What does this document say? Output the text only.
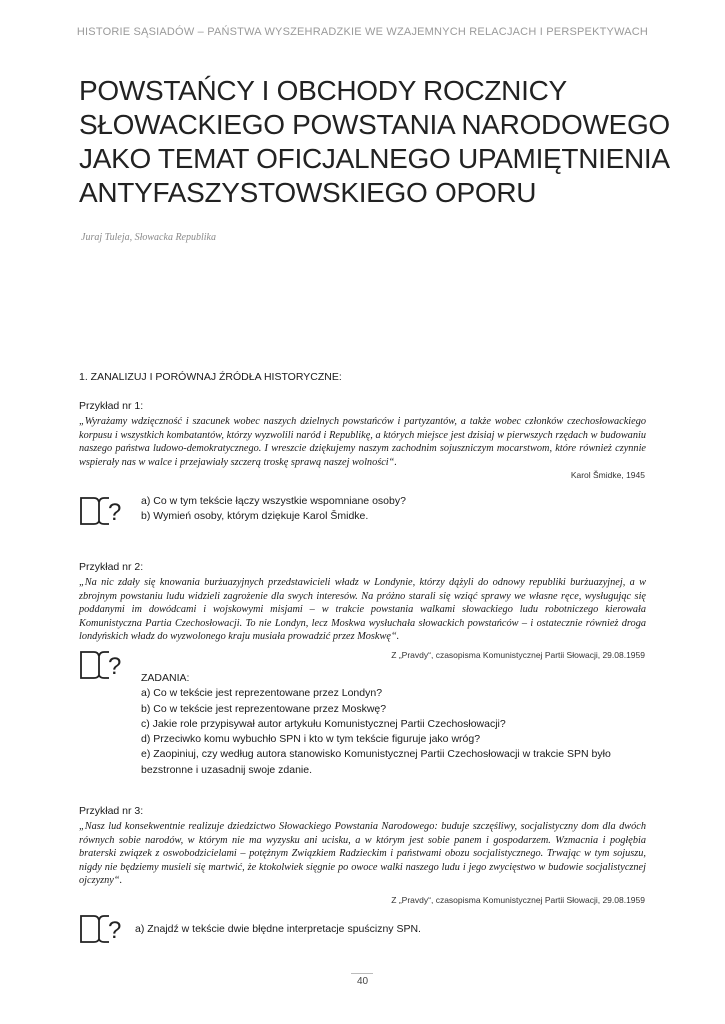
HISTORIE SĄSIADÓW – PAŃSTWA WYSZEHRADZKIE WE WZAJEMNYCH RELACJACH I PERSPEKTYWACH
POWSTAŃCY I OBCHODY ROCZNICY
SŁOWACKIEGO POWSTANIA NARODOWEGO
JAKO TEMAT OFICJALNEGO UPAMIĘTNIENIA
ANTYFASZYSTOWSKIEGO OPORU
Juraj Tuleja, Słowacka Republika
1. ZANALIZUJ I PORÓWNAJ ŹRÓDŁA HISTORYCZNE:
Przykład nr 1:
„Wyrażamy wdzięczność i szacunek wobec naszych dzielnych powstańców i partyzantów, a także wobec członków czechosłowackiego korpusu i wszystkich kombatantów, którzy wyzwolili naród i Republikę, a których miejsce jest dzisiaj w pierwszych rzędach w budowaniu naszego państwa ludowo-demokratycznego. I wreszcie dziękujemy naszym zachodnim sojuszniczym mocarstwom, które również czynnie wspierały nas w walce i przejawiały szczerą troskę sprawą naszej wolności“.
Karol Šmidke, 1945
? a) Co w tym tekście łączy wszystkie wspomniane osoby?
b) Wymień osoby, którym dziękuje Karol Šmidke.
Przykład nr 2:
„Na nic zdały się knowania burżuazyjnych przedstawicieli władz w Londynie, którzy dążyli do odnowy republiki burżuazyjnej, a w zbrojnym powstaniu ludu widzieli zagrożenie dla swych interesów. Na próżno starali się wziąć sprawy we własne ręce, wysługując się poddanymi im dowódcami i wojskowymi misjami – w trakcie powstania walkami słowackiego ludu robotniczego kierowała Komunistyczna Partia Czechosłowacji. To nie Londyn, lecz Moskwa wysłuchała słowackich powstańców – i ostatecznie również droga londyńskich władz do wyzwolonego kraju musiała prowadzić przez Moskwę“.
Z „Pravdy“, czasopisma Komunistycznej Partii Słowacji, 29.08.1959
? ZADANIA:
a) Co w tekście jest reprezentowane przez Londyn?
b) Co w tekście jest reprezentowane przez Moskwę?
c) Jakie role przypisywał autor artykułu Komunistycznej Partii Czechosłowacji?
d) Przeciwko komu wybuchło SPN i kto w tym tekście figuruje jako wróg?
e) Zaopiniuj, czy według autora stanowisko Komunistycznej Partii Czechosłowacji w trakcie SPN było
bezstronne i uzasadnij swoje zdanie.
Przykład nr 3:
„Nasz lud konsekwentnie realizuje dziedzictwo Słowackiego Powstania Narodowego: buduje szczęśliwy, socjalistyczny dom dla dwóch równych sobie narodów, w którym nie ma wyzysku ani ucisku, a w którym jest sobie panem i gospodarzem. Wzmacnia i pogłębia braterski związek z oswobodzicielami – potężnym Związkiem Radzieckim i państwami obozu socjalistycznego. Trwając w tym sojuszu, nigdy nie będziemy musieli się martwić, że ktokolwiek sięgnie po owoce walki naszego ludu i jego zwycięstwo w budowie socjalistycznej ojczyzny“.
Z „Pravdy“, czasopisma Komunistycznej Partii Słowacji, 29.08.1959
? a) Znajdź w tekście dwie błędne interpretacje spuścizny SPN.
40
